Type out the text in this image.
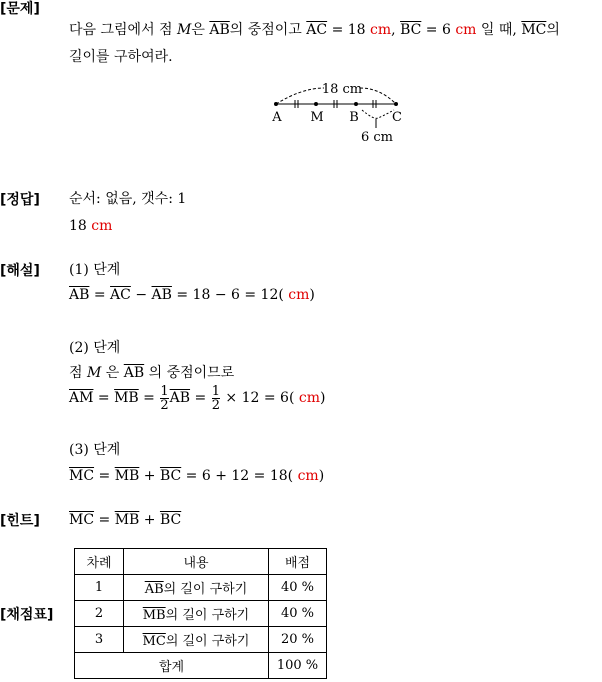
[문제]
다음 그림에서 점 M은 $\overline{AB}$의 중점이고 $\overline{AC} = 18$ cm, $\overline{BC} = 6$ cm 일 때, $\overline{MC}$의
길이를 구하여라.
18 cm
A M B	C
6 cm
[정답] 순서: 없음, 갯수: 1
18 cm
[해설] (1) 단계
$\overline{AB} = \overline{AC} - \overline{AB} = 18 - 6 = 12$( cm)
(2) 단계
점 M 은 $\overline{AB}$ 의 중점이므로
$\overline{AM} = \overline{MB} = \frac{1}{2} \overline{AB} = \frac{1}{2} \times 12 = 6$( cm)
(3) 단계
$\overline{MC} = \overline{MB} + \overline{BC} = 6 + 12 = 18$( cm)
[힌트] $\overline{MC} = \overline{MB} + \overline{BC}$
[채점표]
차례	내용	배점
1	$\overline{AB}$의 길이 구하기	40 %
2	$\overline{MB}$의 길이 구하기	40 %
3	$\overline{MC}$의 길이 구하기	20 %
합계		100 %
